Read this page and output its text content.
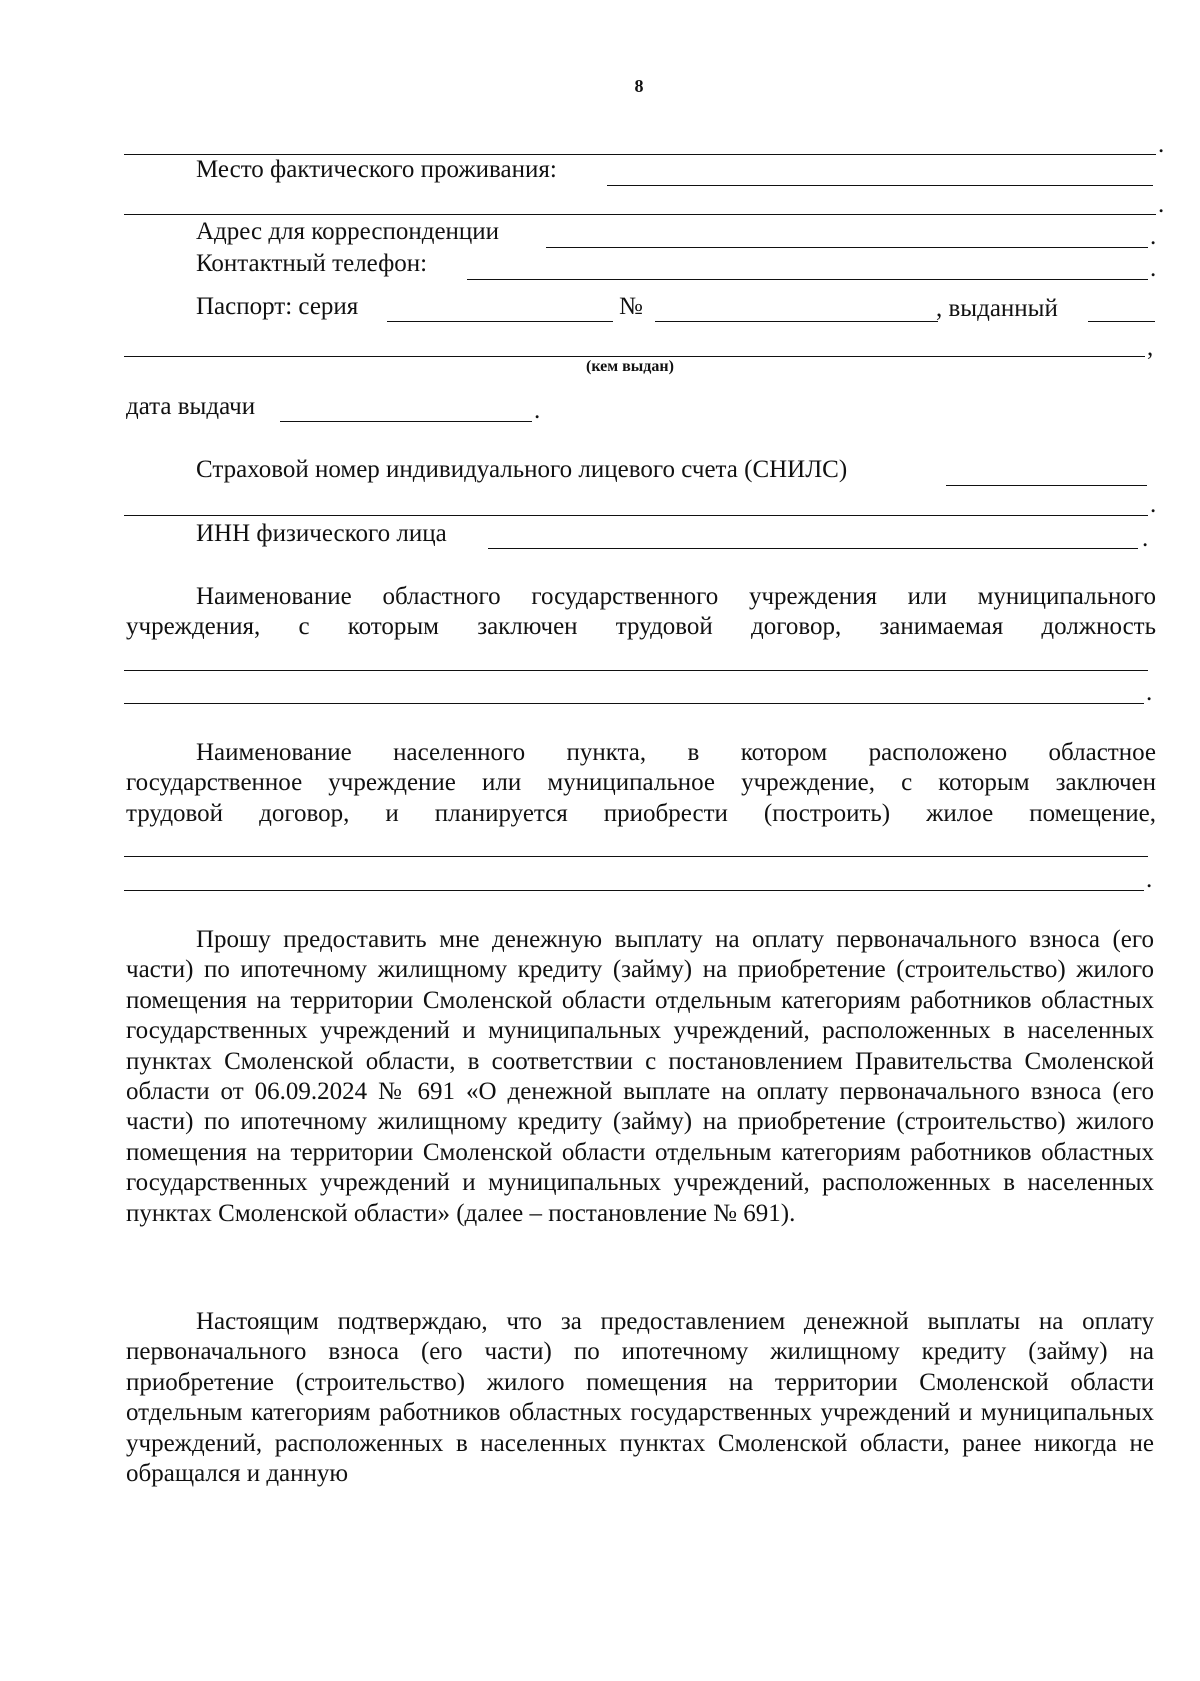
8
.
Место фактического проживания:
.
Адрес для корреспонденции	.
Контактный телефон:	.
Паспорт: серия	№	, выданный
,
(кем выдан)
дата выдачи	.
Страховой номер индивидуального лицевого счета (СНИЛС)
.
ИНН физического лица	.
Наименование областного государственного учреждения или муниципального
учреждения, с которым заключен трудовой договор, занимаемая должность
.
Наименование населенного пункта, в котором расположено областное
государственное учреждение или муниципальное учреждение, с которым заключен
трудовой договор, и планируется приобрести (построить) жилое помещение,
.
Прошу предоставить мне денежную выплату на оплату первоначального взноса (его части) по ипотечному жилищному кредиту (займу) на приобретение (строительство) жилого помещения на территории Смоленской области отдельным категориям работников областных государственных учреждений и муниципальных учреждений, расположенных в населенных пунктах Смоленской области, в соответствии с постановлением Правительства Смоленской области от 06.09.2024 № 691 «О денежной выплате на оплату первоначального взноса (его части) по ипотечному жилищному кредиту (займу) на приобретение (строительство) жилого помещения на территории Смоленской области отдельным категориям работников областных государственных учреждений и муниципальных учреждений, расположенных в населенных пунктах Смоленской области» (далее – постановление № 691).
Настоящим подтверждаю, что за предоставлением денежной выплаты на оплату первоначального взноса (его части) по ипотечному жилищному кредиту (займу) на приобретение (строительство) жилого помещения на территории Смоленской области отдельным категориям работников областных государственных учреждений и муниципальных учреждений, расположенных в населенных пунктах Смоленской области, ранее никогда не обращался и данную
